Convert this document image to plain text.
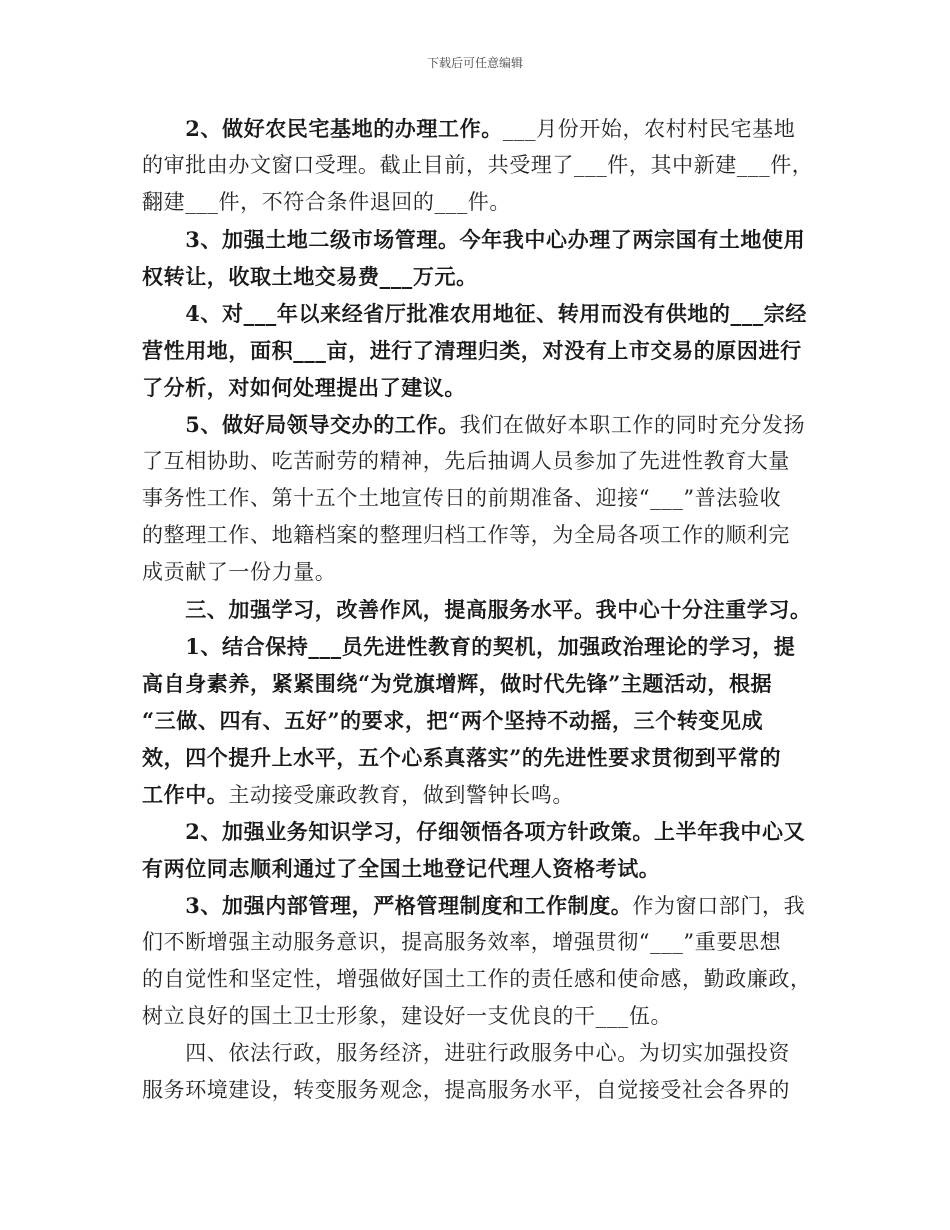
下载后可任意编辑
　　2、做好农民宅基地的办理工作。___月份开始，农村村民宅基地
的审批由办文窗口受理。截止目前，共受理了___件，其中新建___件，
翻建___件，不符合条件退回的___件。
　　3、加强土地二级市场管理。今年我中心办理了两宗国有土地使用
权转让，收取土地交易费___万元。
　　4、对___年以来经省厅批准农用地征、转用而没有供地的___宗经
营性用地，面积___亩，进行了清理归类，对没有上市交易的原因进行
了分析，对如何处理提出了建议。
　　5、做好局领导交办的工作。我们在做好本职工作的同时充分发扬
了互相协助、吃苦耐劳的精神，先后抽调人员参加了先进性教育大量
事务性工作、第十五个土地宣传日的前期准备、迎接“___”普法验收
的整理工作、地籍档案的整理归档工作等，为全局各项工作的顺利完
成贡献了一份力量。
　　三、加强学习，改善作风，提高服务水平。我中心十分注重学习。
　　1、结合保持___员先进性教育的契机，加强政治理论的学习，提
高自身素养，紧紧围绕“为党旗增辉，做时代先锋”主题活动，根据
“三做、四有、五好”的要求，把“两个坚持不动摇，三个转变见成
效，四个提升上水平，五个心系真落实”的先进性要求贯彻到平常的
工作中。主动接受廉政教育，做到警钟长鸣。
　　2、加强业务知识学习，仔细领悟各项方针政策。上半年我中心又
有两位同志顺利通过了全国土地登记代理人资格考试。
　　3、加强内部管理，严格管理制度和工作制度。作为窗口部门，我
们不断增强主动服务意识，提高服务效率，增强贯彻“___”重要思想
的自觉性和坚定性，增强做好国土工作的责任感和使命感，勤政廉政，
树立良好的国土卫士形象，建设好一支优良的干___伍。
　　四、依法行政，服务经济，进驻行政服务中心。为切实加强投资
服务环境建设，转变服务观念，提高服务水平，自觉接受社会各界的
